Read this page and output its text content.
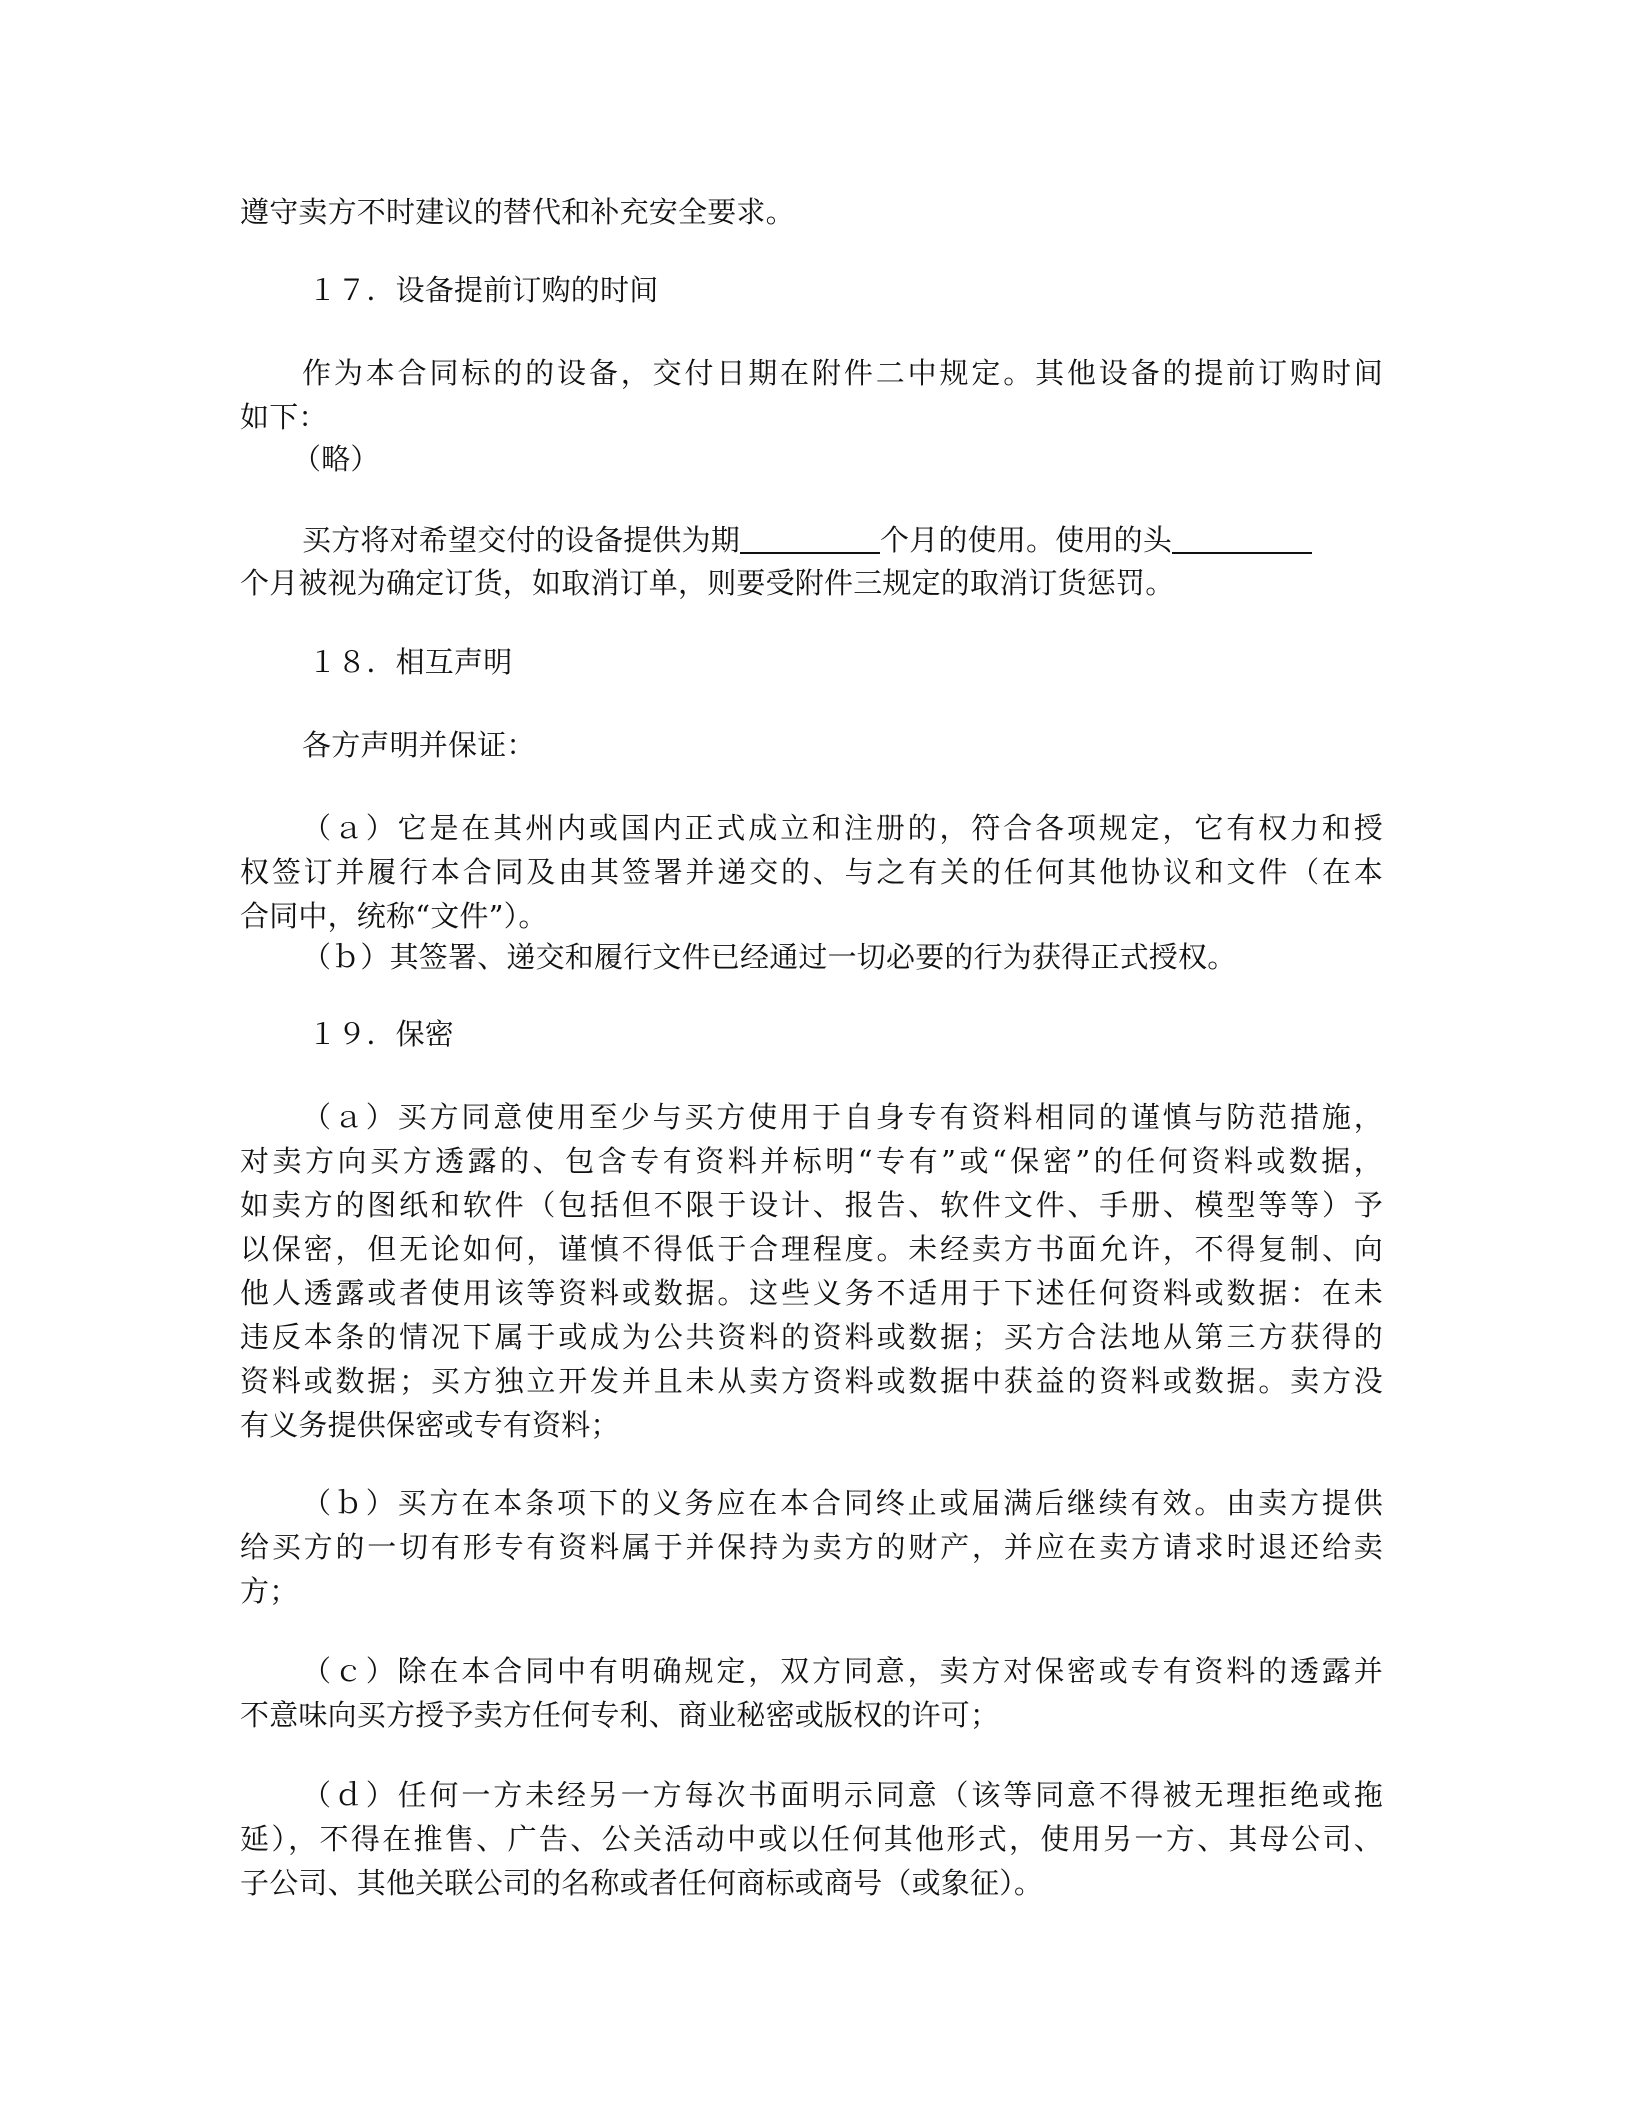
遵守卖方不时建议的替代和补充安全要求。
１７．设备提前订购的时间
作为本合同标的的设备，交付日期在附件二中规定。其他设备的提前订购时间
如下：
（略）
买方将对希望交付的设备提供为期	个月的使用。使用的头
个月被视为确定订货，如取消订单，则要受附件三规定的取消订货惩罚。
１８．相互声明
各方声明并保证：
（ａ）它是在其州内或国内正式成立和注册的，符合各项规定，它有权力和授
权签订并履行本合同及由其签署并递交的、与之有关的任何其他协议和文件（在本
合同中，统称“文件”）。
（ｂ）其签署、递交和履行文件已经通过一切必要的行为获得正式授权。
１９．保密
（ａ）买方同意使用至少与买方使用于自身专有资料相同的谨慎与防范措施，
对卖方向买方透露的、包含专有资料并标明“专有”或“保密”的任何资料或数据，
如卖方的图纸和软件（包括但不限于设计、报告、软件文件、手册、模型等等）予
以保密，但无论如何，谨慎不得低于合理程度。未经卖方书面允许，不得复制、向
他人透露或者使用该等资料或数据。这些义务不适用于下述任何资料或数据：在未
违反本条的情况下属于或成为公共资料的资料或数据；买方合法地从第三方获得的
资料或数据；买方独立开发并且未从卖方资料或数据中获益的资料或数据。卖方没
有义务提供保密或专有资料；
（ｂ）买方在本条项下的义务应在本合同终止或届满后继续有效。由卖方提供
给买方的一切有形专有资料属于并保持为卖方的财产，并应在卖方请求时退还给卖
方；
（ｃ）除在本合同中有明确规定，双方同意，卖方对保密或专有资料的透露并
不意味向买方授予卖方任何专利、商业秘密或版权的许可；
（ｄ）任何一方未经另一方每次书面明示同意（该等同意不得被无理拒绝或拖
延），不得在推售、广告、公关活动中或以任何其他形式，使用另一方、其母公司、
子公司、其他关联公司的名称或者任何商标或商号（或象征）。
